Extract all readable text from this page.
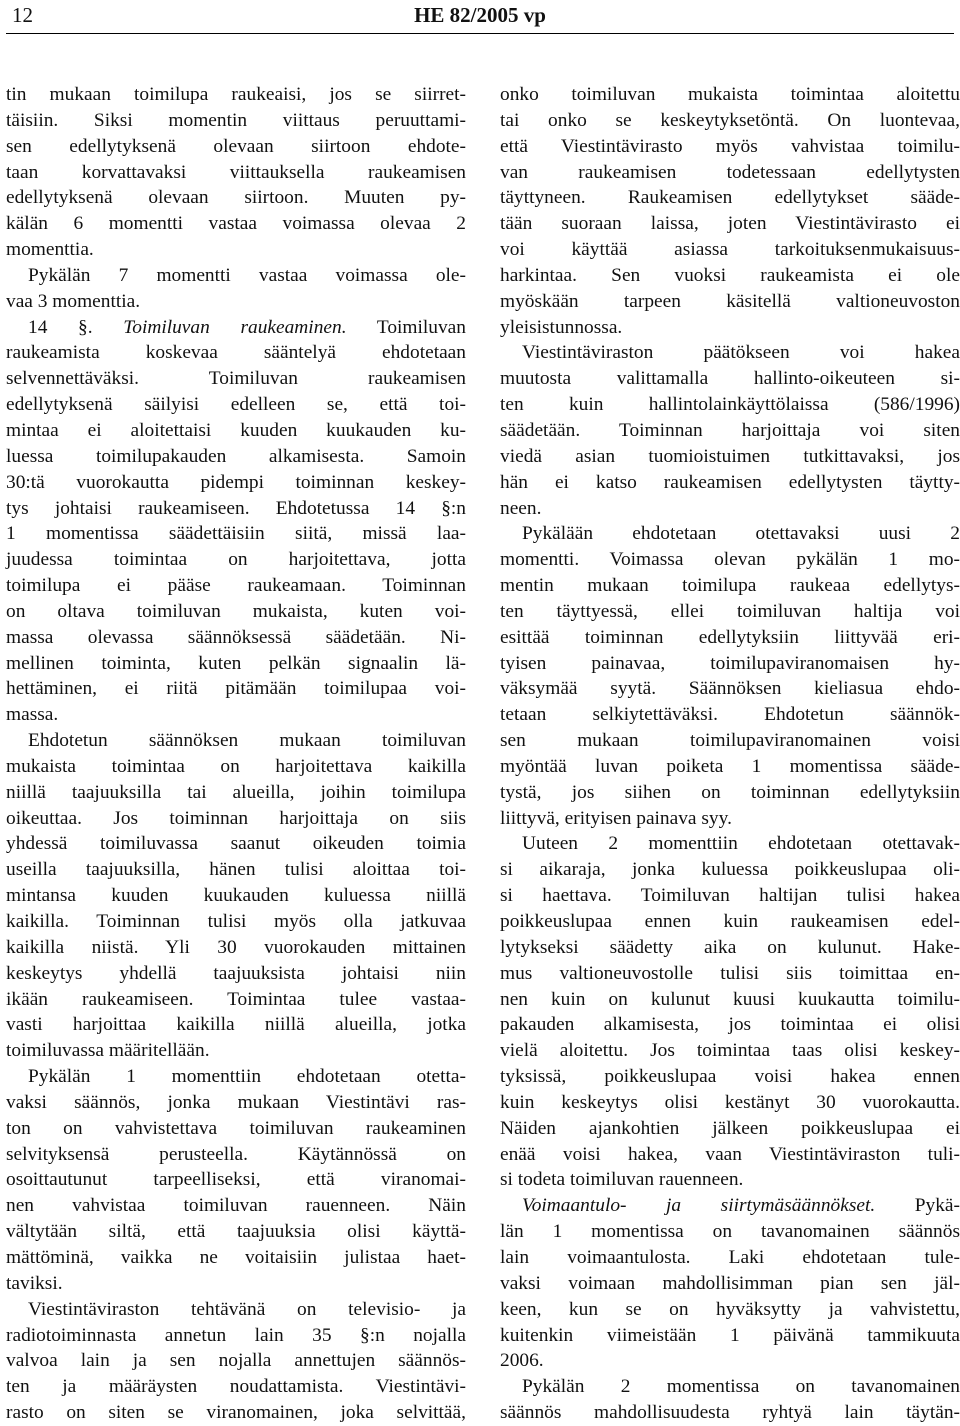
12	HE 82/2005 vp
tin mukaan toimilupa raukeaisi, jos se siirret-
täisiin. Siksi momentin viittaus peruuttami-
sen edellytyksenä olevaan siirtoon ehdote-
taan korvattavaksi viittauksella raukeamisen
edellytyksenä olevaan siirtoon. Muuten py-
kälän 6 momentti vastaa voimassa olevaa 2
momenttia.
Pykälän 7 momentti vastaa voimassa ole-
vaa 3 momenttia.
14 §. Toimiluvan raukeaminen. Toimiluvan
raukeamista koskevaa sääntelyä ehdotetaan
selvennettäväksi. Toimiluvan raukeamisen
edellytyksenä säilyisi edelleen se, että toi-
mintaa ei aloitettaisi kuuden kuukauden ku-
luessa toimilupakauden alkamisesta. Samoin
30:tä vuorokautta pidempi toiminnan keskey-
tys johtaisi raukeamiseen. Ehdotetussa 14 §:n
1 momentissa säädettäisiin siitä, missä laa-
juudessa toimintaa on harjoitettava, jotta
toimilupa ei pääse raukeamaan. Toiminnan
on oltava toimiluvan mukaista, kuten voi-
massa olevassa säännöksessä säädetään. Ni-
mellinen toiminta, kuten pelkän signaalin lä-
hettäminen, ei riitä pitämään toimilupaa voi-
massa.
Ehdotetun säännöksen mukaan toimiluvan
mukaista toimintaa on harjoitettava kaikilla
niillä taajuuksilla tai alueilla, joihin toimilupa
oikeuttaa. Jos toiminnan harjoittaja on siis
yhdessä toimiluvassa saanut oikeuden toimia
useilla taajuuksilla, hänen tulisi aloittaa toi-
mintansa kuuden kuukauden kuluessa niillä
kaikilla. Toiminnan tulisi myös olla jatkuvaa
kaikilla niistä. Yli 30 vuorokauden mittainen
keskeytys yhdellä taajuuksista johtaisi niin
ikään raukeamiseen. Toimintaa tulee vastaa-
vasti harjoittaa kaikilla niillä alueilla, jotka
toimiluvassa määritellään.
Pykälän 1 momenttiin ehdotetaan otetta-
vaksi säännös, jonka mukaan Viestintävi ras-
ton on vahvistettava toimiluvan raukeaminen
selvityksensä perusteella. Käytännössä on
osoittautunut tarpeelliseksi, että viranomai-
nen vahvistaa toimiluvan rauenneen. Näin
vältytään siltä, että taajuuksia olisi käyttä-
mättöminä, vaikka ne voitaisiin julistaa haet-
taviksi.
Viestintäviraston tehtävänä on televisio- ja
radiotoiminnasta annetun lain 35 §:n nojalla
valvoa lain ja sen nojalla annettujen säännös-
ten ja määräysten noudattamista. Viestintävi-
rasto on siten se viranomainen, joka selvittää,
onko toimiluvan mukaista toimintaa aloitettu
tai onko se keskeytyksetöntä. On luontevaa,
että Viestintävirasto myös vahvistaa toimilu-
van raukeamisen todetessaan edellytysten
täyttyneen. Raukeamisen edellytykset sääde-
tään suoraan laissa, joten Viestintävirasto ei
voi käyttää asiassa tarkoituksenmukaisuus-
harkintaa. Sen vuoksi raukeamista ei ole
myöskään tarpeen käsitellä valtioneuvoston
yleisistunnossa.
Viestintäviraston päätökseen voi hakea
muutosta valittamalla hallinto-oikeuteen si-
ten kuin hallintolainkäyttölaissa (586/1996)
säädetään. Toiminnan harjoittaja voi siten
viedä asian tuomioistuimen tutkittavaksi, jos
hän ei katso raukeamisen edellytysten täytty-
neen.
Pykälään ehdotetaan otettavaksi uusi 2
momentti. Voimassa olevan pykälän 1 mo-
mentin mukaan toimilupa raukeaa edellytys-
ten täyttyessä, ellei toimiluvan haltija voi
esittää toiminnan edellytyksiin liittyvää eri-
tyisen painavaa, toimilupaviranomaisen hy-
väksymää syytä. Säännöksen kieliasua ehdo-
tetaan selkiytettäväksi. Ehdotetun säännök-
sen mukaan toimilupaviranomainen voisi
myöntää luvan poiketa 1 momentissa sääde-
tystä, jos siihen on toiminnan edellytyksiin
liittyvä, erityisen painava syy.
Uuteen 2 momenttiin ehdotetaan otettavak-
si aikaraja, jonka kuluessa poikkeuslupaa oli-
si haettava. Toimiluvan haltijan tulisi hakea
poikkeuslupaa ennen kuin raukeamisen edel-
lytykseksi säädetty aika on kulunut. Hake-
mus valtioneuvostolle tulisi siis toimittaa en-
nen kuin on kulunut kuusi kuukautta toimilu-
pakauden alkamisesta, jos toimintaa ei olisi
vielä aloitettu. Jos toimintaa taas olisi keskey-
tyksissä, poikkeuslupaa voisi hakea ennen
kuin keskeytys olisi kestänyt 30 vuorokautta.
Näiden ajankohtien jälkeen poikkeuslupaa ei
enää voisi hakea, vaan Viestintäviraston tuli-
si todeta toimiluvan rauenneen.
Voimaantulo- ja siirtymäsäännökset. Pykä-
län 1 momentissa on tavanomainen säännös
lain voimaantulosta. Laki ehdotetaan tule-
vaksi voimaan mahdollisimman pian sen jäl-
keen, kun se on hyväksytty ja vahvistettu,
kuitenkin viimeistään 1 päivänä tammikuuta
2006.
Pykälän 2 momentissa on tavanomainen
säännös mahdollisuudesta ryhtyä lain täytän-
